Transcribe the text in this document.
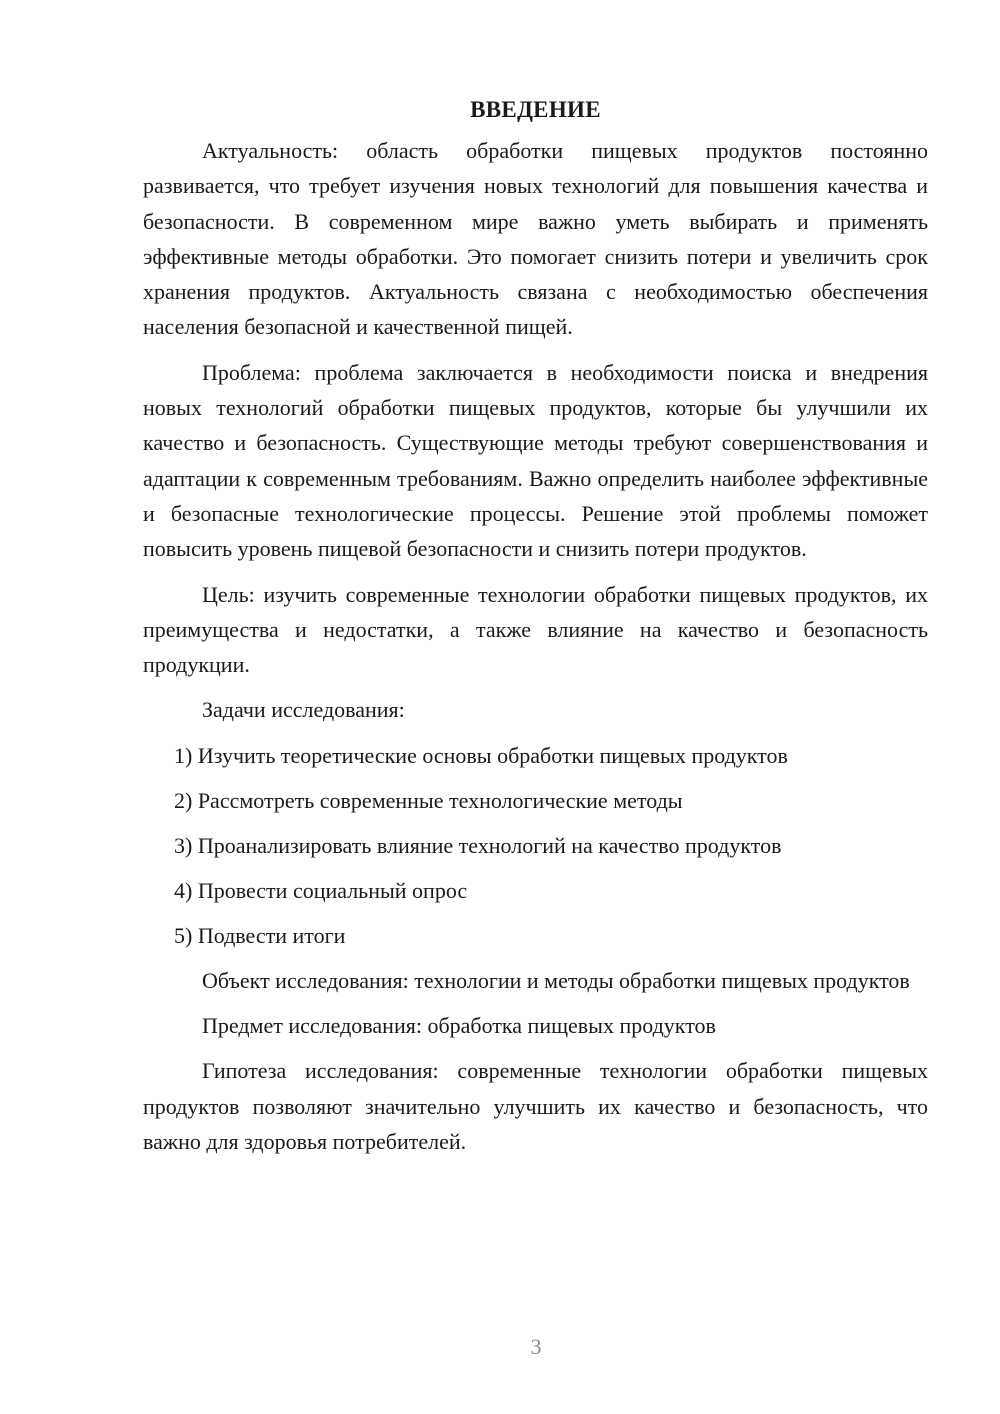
ВВЕДЕНИЕ

Актуальность: область обработки пищевых продуктов постоянно развивается, что требует изучения новых технологий для повышения качества и безопасности. В современном мире важно уметь выбирать и применять эффективные методы обработки. Это помогает снизить потери и увеличить срок хранения продуктов. Актуальность связана с необходимостью обеспечения населения безопасной и качественной пищей.

Проблема: проблема заключается в необходимости поиска и внедрения новых технологий обработки пищевых продуктов, которые бы улучшили их качество и безопасность. Существующие методы требуют совершенствования и адаптации к современным требованиям. Важно определить наиболее эффективные и безопасные технологические процессы. Решение этой проблемы поможет повысить уровень пищевой безопасности и снизить потери продуктов.

Цель: изучить современные технологии обработки пищевых продуктов, их преимущества и недостатки, а также влияние на качество и безопасность продукции.

Задачи исследования:

1) Изучить теоретические основы обработки пищевых продуктов
2) Рассмотреть современные технологические методы
3) Проанализировать влияние технологий на качество продуктов
4) Провести социальный опрос
5) Подвести итоги

Объект исследования: технологии и методы обработки пищевых продуктов

Предмет исследования: обработка пищевых продуктов

Гипотеза исследования: современные технологии обработки пищевых продуктов позволяют значительно улучшить их качество и безопасность, что важно для здоровья потребителей.

3
